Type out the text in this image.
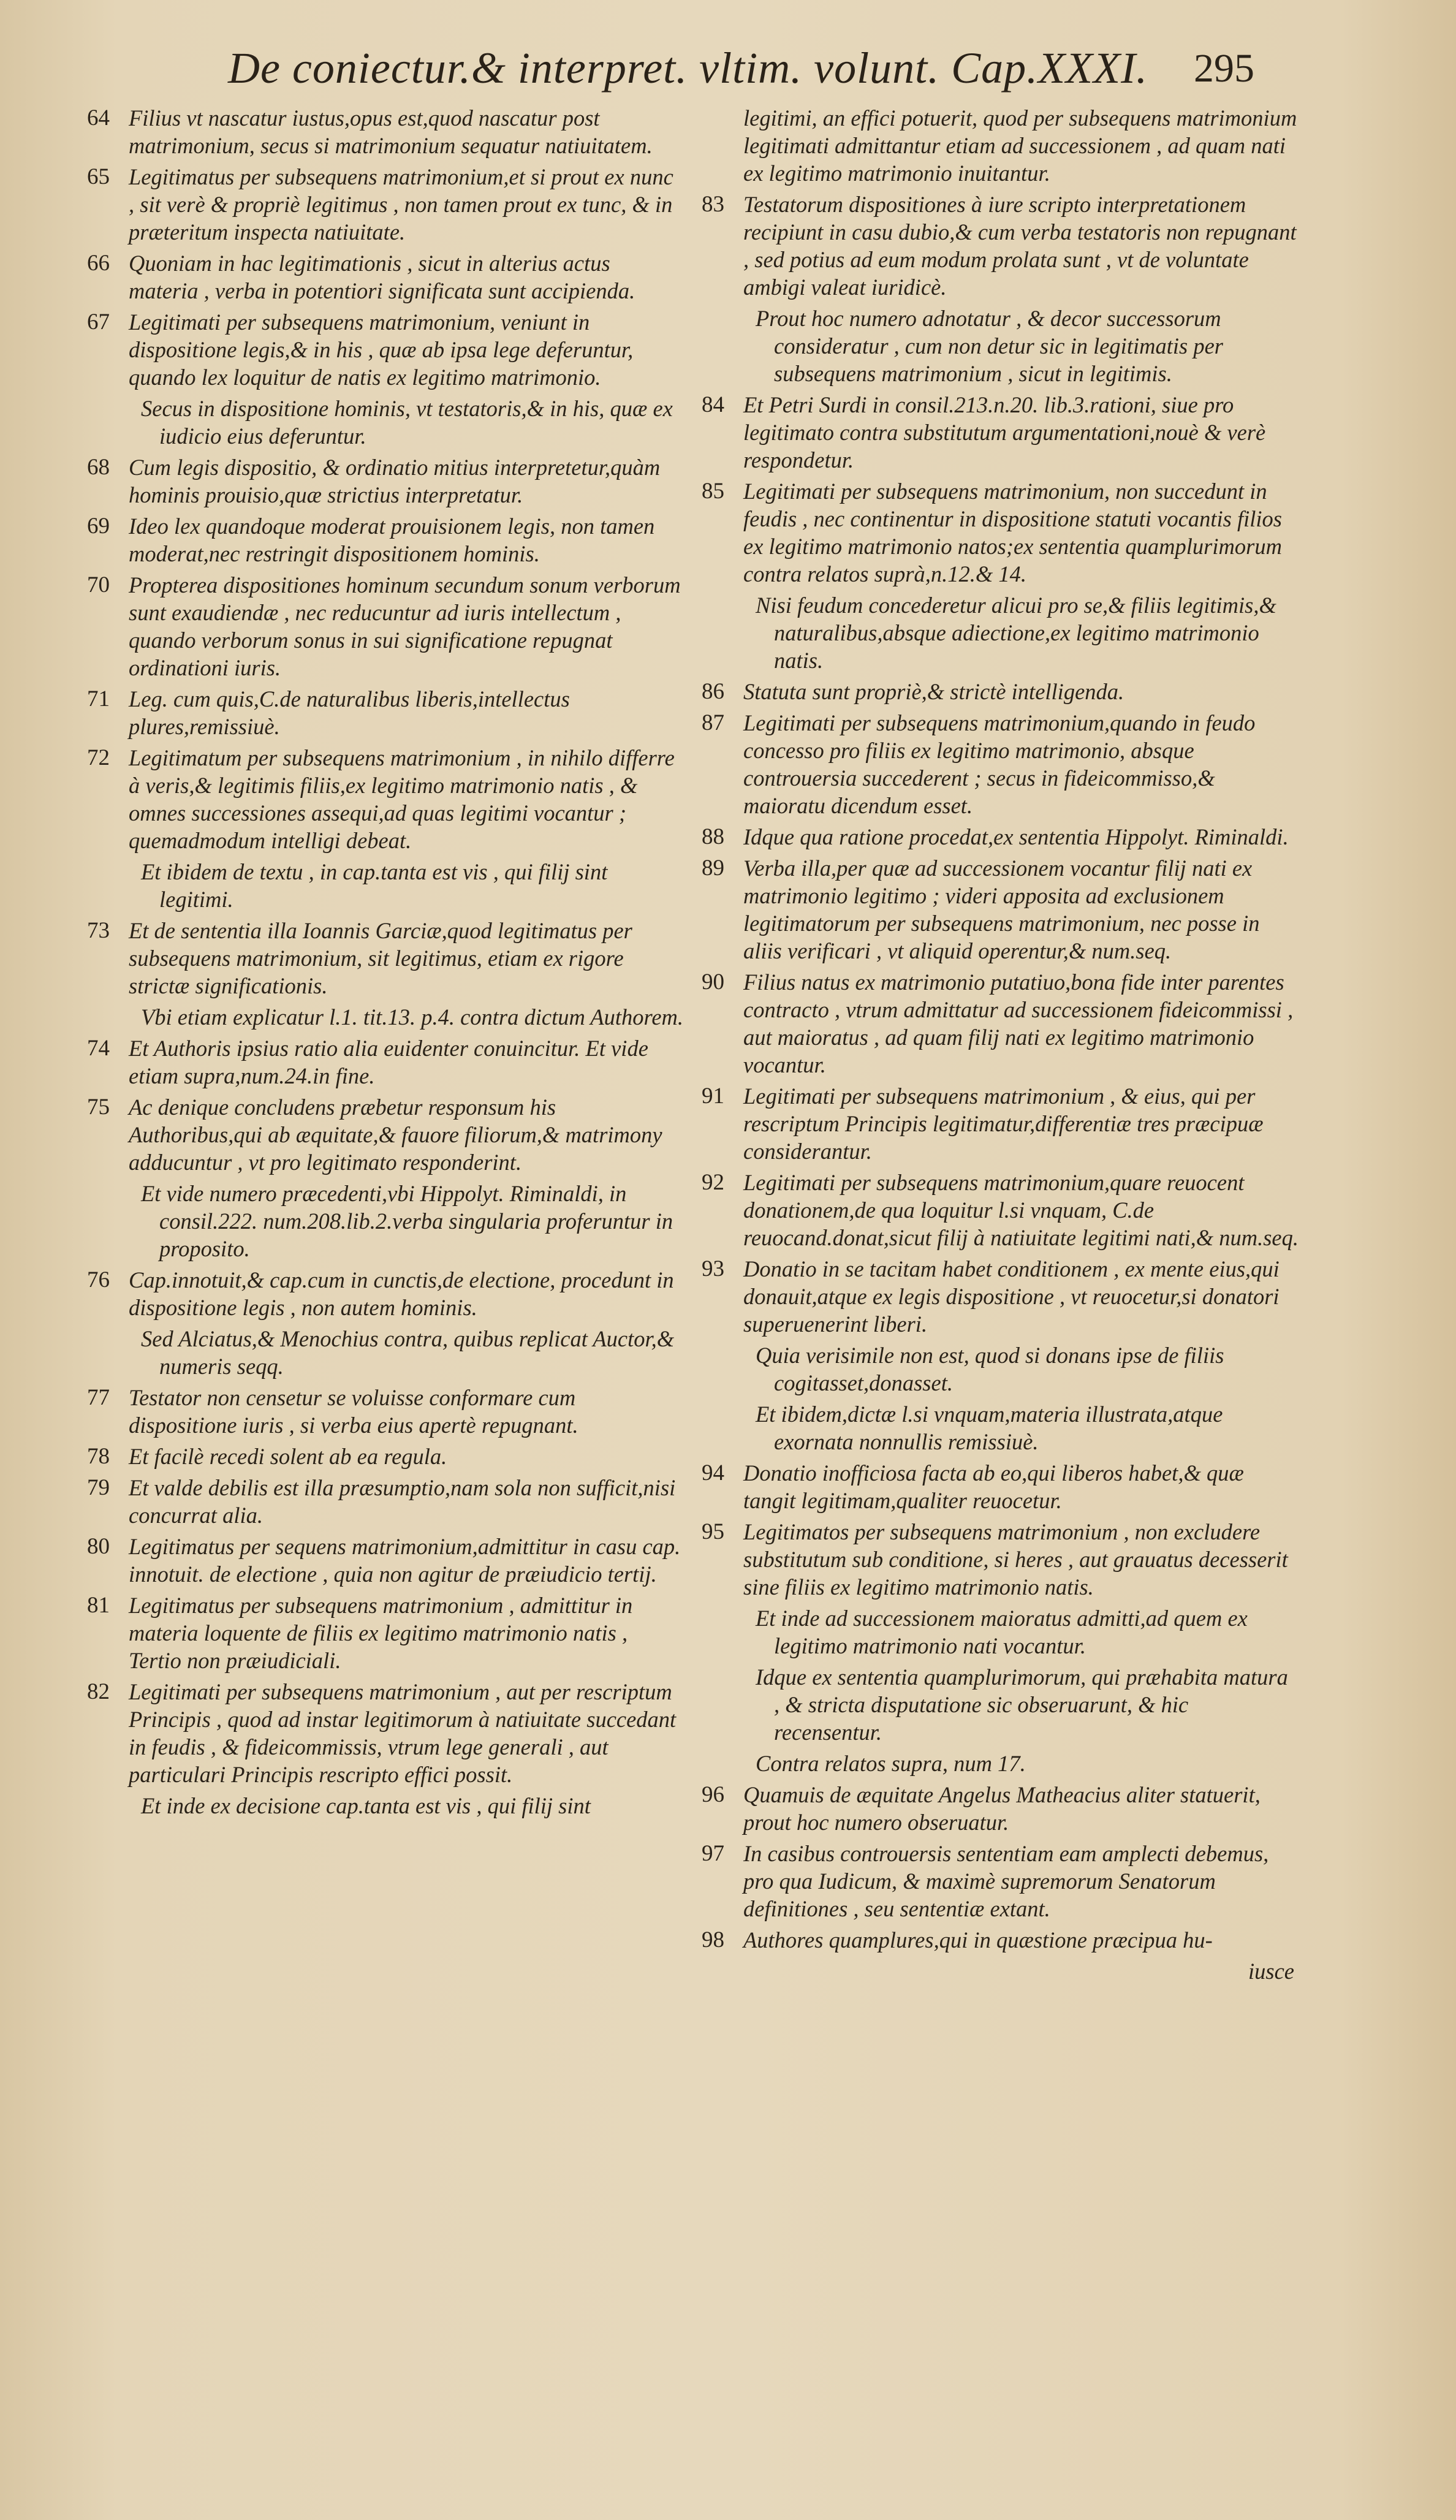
De coniectur.& interpret. vltim. volunt. Cap.XXXI. 295
64 Filius vt nascatur iustus,opus est,quod nascatur post matrimonium, secus si matrimonium sequatur natiuitatem.
65 Legitimatus per subsequens matrimonium,et si prout ex nunc , sit verè & propriè legitimus , non tamen prout ex tunc, & in præteritum inspecta natiuitate.
66 Quoniam in hac legitimationis , sicut in alterius actus materia , verba in potentiori significata sunt accipienda.
67 Legitimati per subsequens matrimonium, veniunt in dispositione legis,& in his , quæ ab ipsa lege deferuntur, quando lex loquitur de natis ex legitimo matrimonio.
Secus in dispositione hominis, vt testatoris,& in his, quæ ex iudicio eius deferuntur.
68 Cum legis dispositio, & ordinatio mitius interpretetur,quàm hominis prouisio,quæ strictius interpretatur.
69 Ideo lex quandoque moderat prouisionem legis, non tamen moderat,nec restringit dispositionem hominis.
70 Propterea dispositiones hominum secundum sonum verborum sunt exaudiendæ , nec reducuntur ad iuris intellectum , quando verborum sonus in sui significatione repugnat ordinationi iuris.
71 Leg. cum quis,C.de naturalibus liberis,intellectus plures,remissiuè.
72 Legitimatum per subsequens matrimonium , in nihilo differre à veris,& legitimis filiis,ex legitimo matrimonio natis , & omnes successiones assequi,ad quas legitimi vocantur ; quemadmodum intelligi debeat.
Et ibidem de textu , in cap.tanta est vis , qui filij sint legitimi.
73 Et de sententia illa Ioannis Garciæ,quod legitimatus per subsequens matrimonium, sit legitimus, etiam ex rigore strictæ significationis.
Vbi etiam explicatur l.1. tit.13. p.4. contra dictum Authorem.
74 Et Authoris ipsius ratio alia euidenter conuincitur. Et vide etiam supra,num.24.in fine.
75 Ac denique concludens præbetur responsum his Authoribus,qui ab æquitate,& fauore filiorum,& matrimony adducuntur , vt pro legitimato responderint.
Et vide numero præcedenti,vbi Hippolyt. Riminaldi, in consil.222. num.208.lib.2.verba singularia proferuntur in proposito.
76 Cap.innotuit,& cap.cum in cunctis,de electione, procedunt in dispositione legis , non autem hominis.
Sed Alciatus,& Menochius contra, quibus replicat Auctor,& numeris seqq.
77 Testator non censetur se voluisse conformare cum dispositione iuris , si verba eius apertè repugnant.
78 Et facilè recedi solent ab ea regula.
79 Et valde debilis est illa præsumptio,nam sola non sufficit,nisi concurrat alia.
80 Legitimatus per sequens matrimonium,admittitur in casu cap. innotuit. de electione , quia non agitur de præiudicio tertij.
81 Legitimatus per subsequens matrimonium , admittitur in materia loquente de filiis ex legitimo matrimonio natis , Tertio non præiudiciali.
82 Legitimati per subsequens matrimonium , aut per rescriptum Principis , quod ad instar legitimorum à natiuitate succedant in feudis , & fideicommissis, vtrum lege generali , aut particulari Principis rescripto effici possit.
Et inde ex decisione cap.tanta est vis , qui filij sint
legitimi, an effici potuerit, quod per subsequens matrimonium legitimati admittantur etiam ad successionem , ad quam nati ex legitimo matrimonio inuitantur.
83 Testatorum dispositiones à iure scripto interpretationem recipiunt in casu dubio,& cum verba testatoris non repugnant , sed potius ad eum modum prolata sunt , vt de voluntate ambigi valeat iuridicè.
Prout hoc numero adnotatur , & decor successorum consideratur , cum non detur sic in legitimatis per subsequens matrimonium , sicut in legitimis.
84 Et Petri Surdi in consil.213.n.20. lib.3.rationi, siue pro legitimato contra substitutum argumentationi,nouè & verè respondetur.
85 Legitimati per subsequens matrimonium, non succedunt in feudis , nec continentur in dispositione statuti vocantis filios ex legitimo matrimonio natos;ex sententia quamplurimorum contra relatos suprà,n.12.& 14.
Nisi feudum concederetur alicui pro se,& filiis legitimis,& naturalibus,absque adiectione,ex legitimo matrimonio natis.
86 Statuta sunt propriè,& strictè intelligenda.
87 Legitimati per subsequens matrimonium,quando in feudo concesso pro filiis ex legitimo matrimonio, absque controuersia succederent ; secus in fideicommisso,& maioratu dicendum esset.
88 Idque qua ratione procedat,ex sententia Hippolyt. Riminaldi.
89 Verba illa,per quæ ad successionem vocantur filij nati ex matrimonio legitimo ; videri apposita ad exclusionem legitimatorum per subsequens matrimonium, nec posse in aliis verificari , vt aliquid operentur,& num.seq.
90 Filius natus ex matrimonio putatiuo,bona fide inter parentes contracto , vtrum admittatur ad successionem fideicommissi , aut maioratus , ad quam filij nati ex legitimo matrimonio vocantur.
91 Legitimati per subsequens matrimonium , & eius, qui per rescriptum Principis legitimatur,differentiæ tres præcipuæ considerantur.
92 Legitimati per subsequens matrimonium,quare reuocent donationem,de qua loquitur l.si vnquam, C.de reuocand.donat,sicut filij à natiuitate legitimi nati,& num.seq.
93 Donatio in se tacitam habet conditionem , ex mente eius,qui donauit,atque ex legis dispositione , vt reuocetur,si donatori superuenerint liberi.
Quia verisimile non est, quod si donans ipse de filiis cogitasset,donasset.
Et ibidem,dictæ l.si vnquam,materia illustrata,atque exornata nonnullis remissiuè.
94 Donatio inofficiosa facta ab eo,qui liberos habet,& quæ tangit legitimam,qualiter reuocetur.
95 Legitimatos per subsequens matrimonium , non excludere substitutum sub conditione, si heres , aut grauatus decesserit sine filiis ex legitimo matrimonio natis.
Et inde ad successionem maioratus admitti,ad quem ex legitimo matrimonio nati vocantur.
Idque ex sententia quamplurimorum, qui præhabita matura , & stricta disputatione sic obseruarunt, & hic recensentur.
Contra relatos supra, num 17.
96 Quamuis de æquitate Angelus Matheacius aliter statuerit, prout hoc numero obseruatur.
97 In casibus controuersis sententiam eam amplecti debemus, pro qua Iudicum, & maximè supremorum Senatorum definitiones , seu sententiæ extant.
98 Authores quamplures,qui in quæstione præcipua hu-
iusce
